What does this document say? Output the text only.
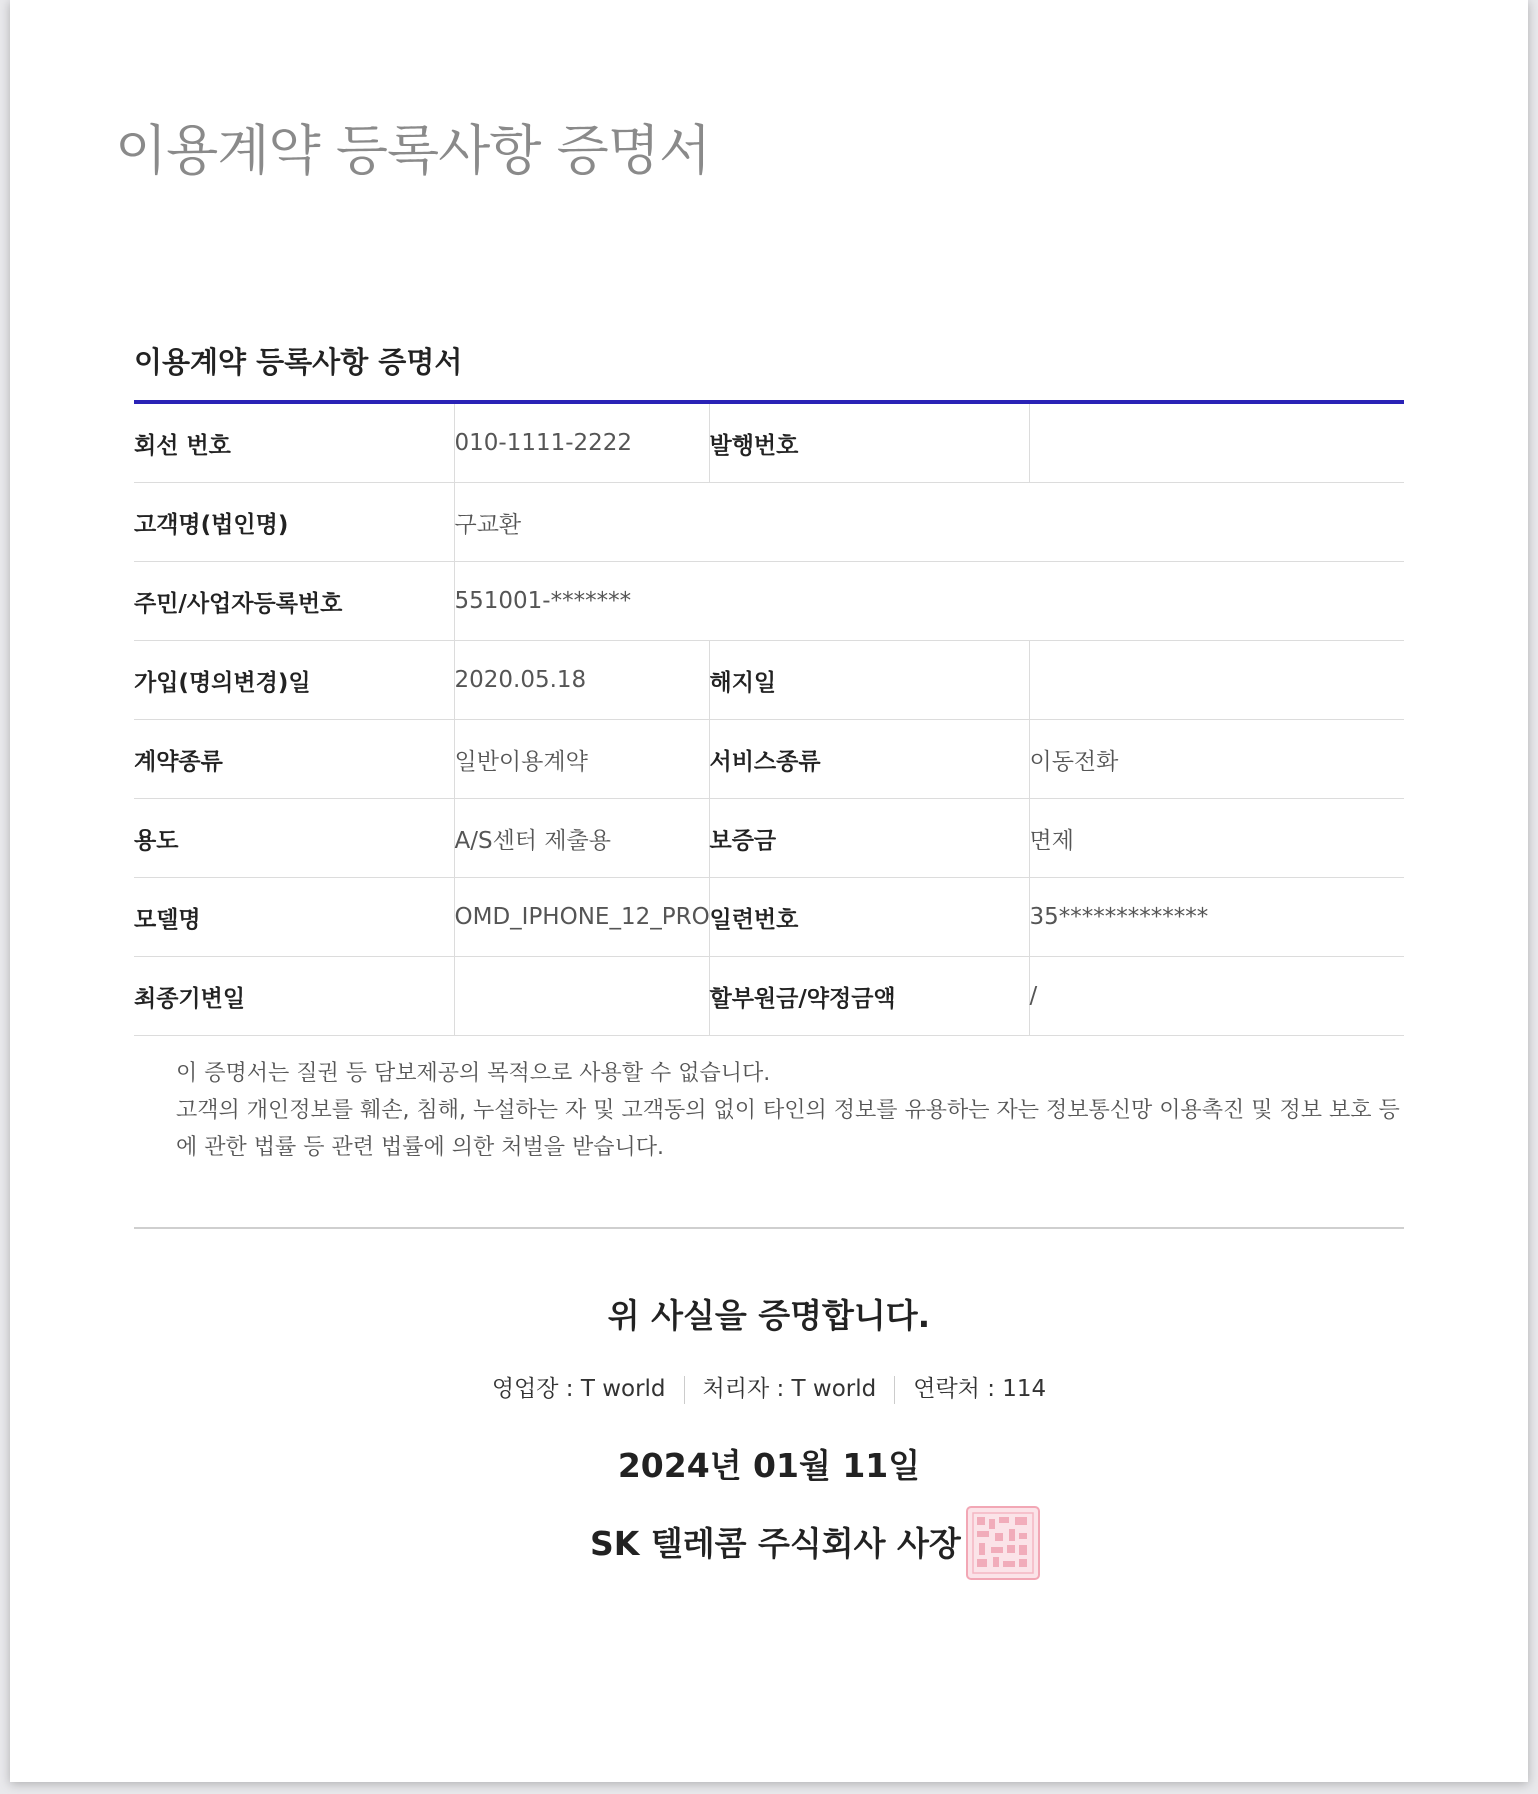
이용계약 등록사항 증명서
이용계약 등록사항 증명서
회선 번호	010-1111-2222	발행번호	
고객명(법인명)	구교환		
주민/사업자등록번호	551001-*******		
가입(명의변경)일	2020.05.18	해지일	
계약종류	일반이용계약	서비스종류	이동전화
용도	A/S센터 제출용	보증금	면제
모델명	OMD_IPHONE_12_PRO	일련번호	35*************
최종기변일		할부원금/약정금액	/

이 증명서는 질권 등 담보제공의 목적으로 사용할 수 없습니다.

고객의 개인정보를 훼손, 침해, 누설하는 자 및 고객동의 없이 타인의 정보를 유용하는 자는 정보통신망 이용촉진 및 정보 보호 등에 관한 법률 등 관련 법률에 의한 처벌을 받습니다.

위 사실을 증명합니다.
영업장 : T world 처리자 : T world 연락처 : 114
2024년 01월 11일
SK 텔레콤 주식회사 사장
